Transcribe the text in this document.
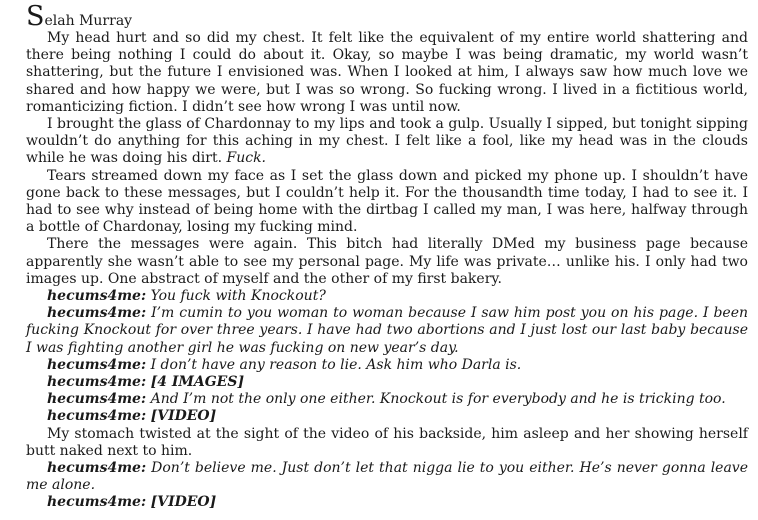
Selah Murray

My head hurt and so did my chest. It felt like the equivalent of my entire world shattering and there being nothing I could do about it. Okay, so maybe I was being dramatic, my world wasn’t shattering, but the future I envisioned was. When I looked at him, I always saw how much love we shared and how happy we were, but I was so wrong. So fucking wrong. I lived in a fictitious world, romanticizing fiction. I didn’t see how wrong I was until now.

I brought the glass of Chardonnay to my lips and took a gulp. Usually I sipped, but tonight sipping wouldn’t do anything for this aching in my chest. I felt like a fool, like my head was in the clouds while he was doing his dirt. Fuck.

Tears streamed down my face as I set the glass down and picked my phone up. I shouldn’t have gone back to these messages, but I couldn’t help it. For the thousandth time today, I had to see it. I had to see why instead of being home with the dirtbag I called my man, I was here, halfway through a bottle of Chardonay, losing my fucking mind.

There the messages were again. This bitch had literally DMed my business page because apparently she wasn’t able to see my personal page. My life was private… unlike his. I only had two images up. One abstract of myself and the other of my first bakery.

hecums4me: You fuck with Knockout?

hecums4me: I’m cumin to you woman to woman because I saw him post you on his page. I been fucking Knockout for over three years. I have had two abortions and I just lost our last baby because I was fighting another girl he was fucking on new year’s day.

hecums4me: I don’t have any reason to lie. Ask him who Darla is.

hecums4me: [4 IMAGES]

hecums4me: And I’m not the only one either. Knockout is for everybody and he is tricking too.

hecums4me: [VIDEO]

My stomach twisted at the sight of the video of his backside, him asleep and her showing herself butt naked next to him.

hecums4me: Don’t believe me. Just don’t let that nigga lie to you either. He’s never gonna leave me alone.

hecums4me: [VIDEO]
